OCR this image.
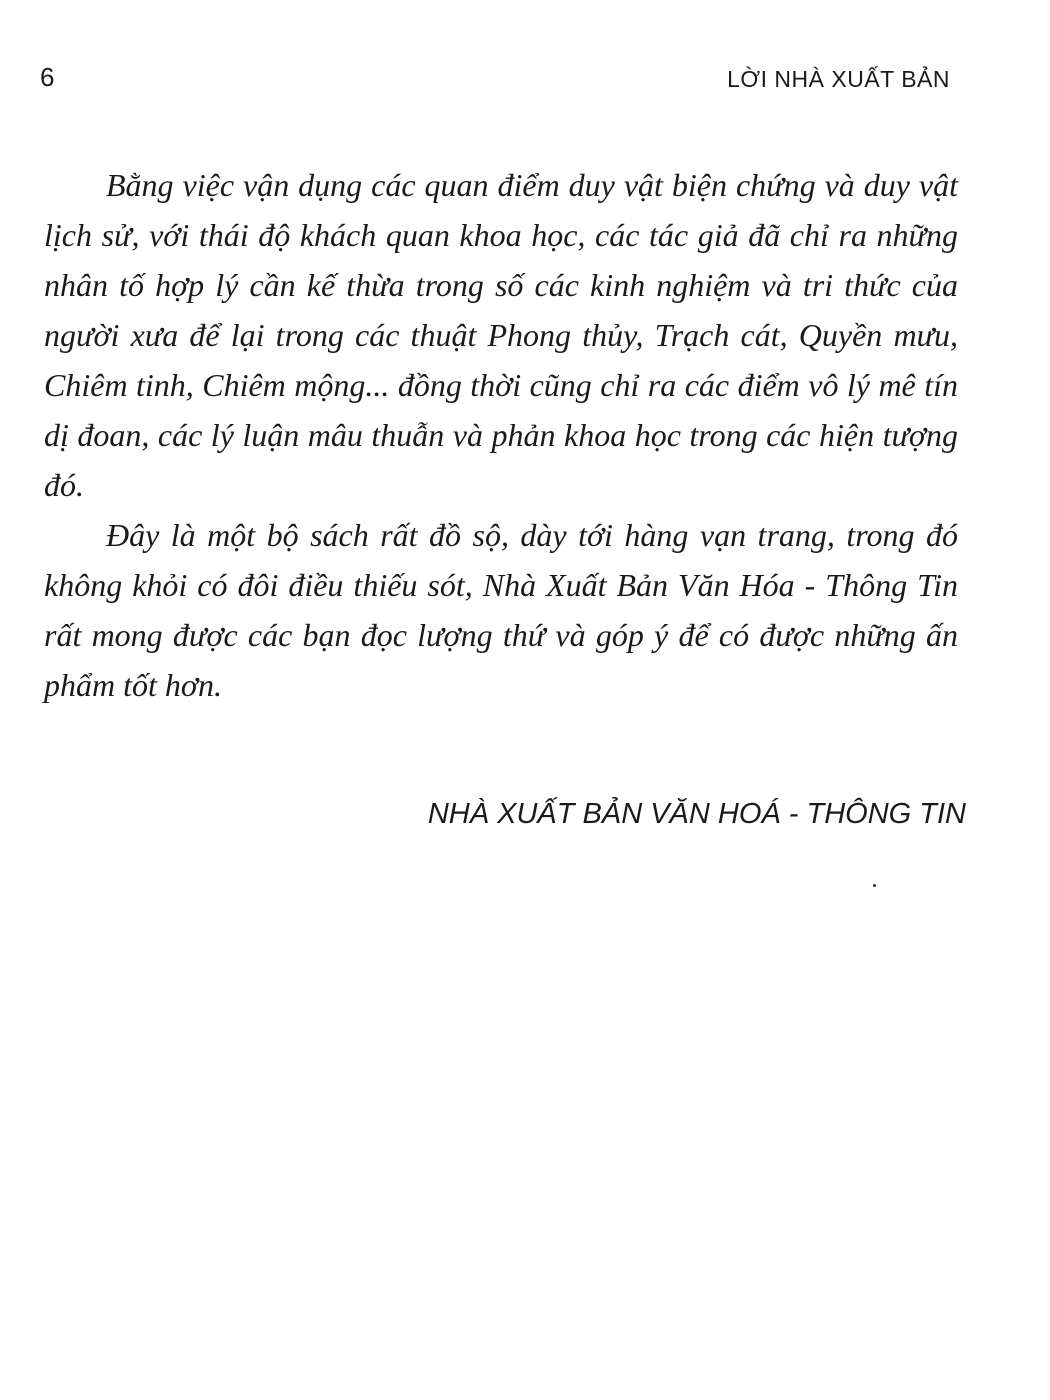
6	LỜI NHÀ XUẤT BẢN

Bằng việc vận dụng các quan điểm duy vật biện chứng và duy vật lịch sử, với thái độ khách quan khoa học, các tác giả đã chỉ ra những nhân tố hợp lý cần kế thừa trong số các kinh nghiệm và tri thức của người xưa để lại trong các thuật Phong thủy, Trạch cát, Quyền mưu, Chiêm tinh, Chiêm mộng... đồng thời cũng chỉ ra các điểm vô lý mê tín dị đoan, các lý luận mâu thuẫn và phản khoa học trong các hiện tượng đó.

Đây là một bộ sách rất đồ sộ, dày tới hàng vạn trang, trong đó không khỏi có đôi điều thiếu sót, Nhà Xuất Bản Văn Hóa - Thông Tin rất mong được các bạn đọc lượng thứ và góp ý để có được những ấn phẩm tốt hơn.

NHÀ XUẤT BẢN VĂN HOÁ - THÔNG TIN
